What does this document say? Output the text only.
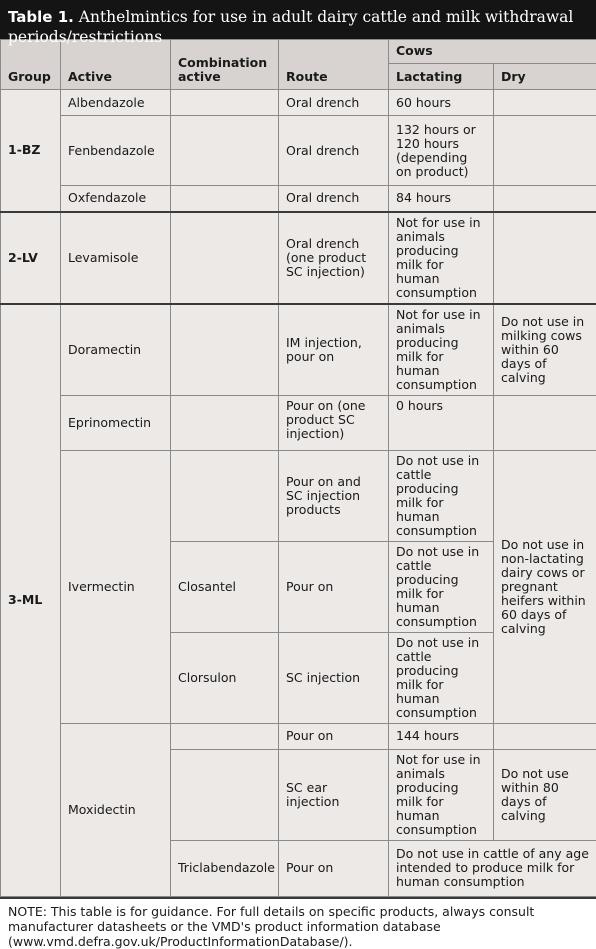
Table 1. Anthelmintics for use in adult dairy cattle and milk withdrawal periods/restrictions
Group	Active	Combination active	Route	Cows	
				Lactating	Dry
1-BZ	Albendazole		Oral drench	60 hours	
	Fenbendazole		Oral drench	132 hours or 120 hours (depending on product)	
	Oxfendazole		Oral drench	84 hours	
2-LV	Levamisole		Oral drench (one product SC injection)	Not for use in animals producing milk for human consumption	
3-ML	Doramectin		IM injection, pour on	Not for use in animals producing milk for human consumption	Do not use in milking cows within 60 days of calving
	Eprinomectin		Pour on (one product SC injection)	0 hours	
	Ivermectin		Pour on and SC injection products	Do not use in cattle producing milk for human consumption	Do not use in non-lactating dairy cows or pregnant heifers within 60 days of calving
		Closantel	Pour on	Do not use in cattle producing milk for human consumption	
		Clorsulon	SC injection	Do not use in cattle producing milk for human consumption	
	Moxidectin		Pour on	144 hours	
			SC ear injection	Not for use in animals producing milk for human consumption	Do not use within 80 days of calving
		Triclabendazole	Pour on	Do not use in cattle of any age intended to produce milk for human consumption	
NOTE: This table is for guidance. For full details on specific products, always consult manufacturer datasheets or the VMD's product information database (www.vmd.defra.gov.uk/ProductInformationDatabase/).
